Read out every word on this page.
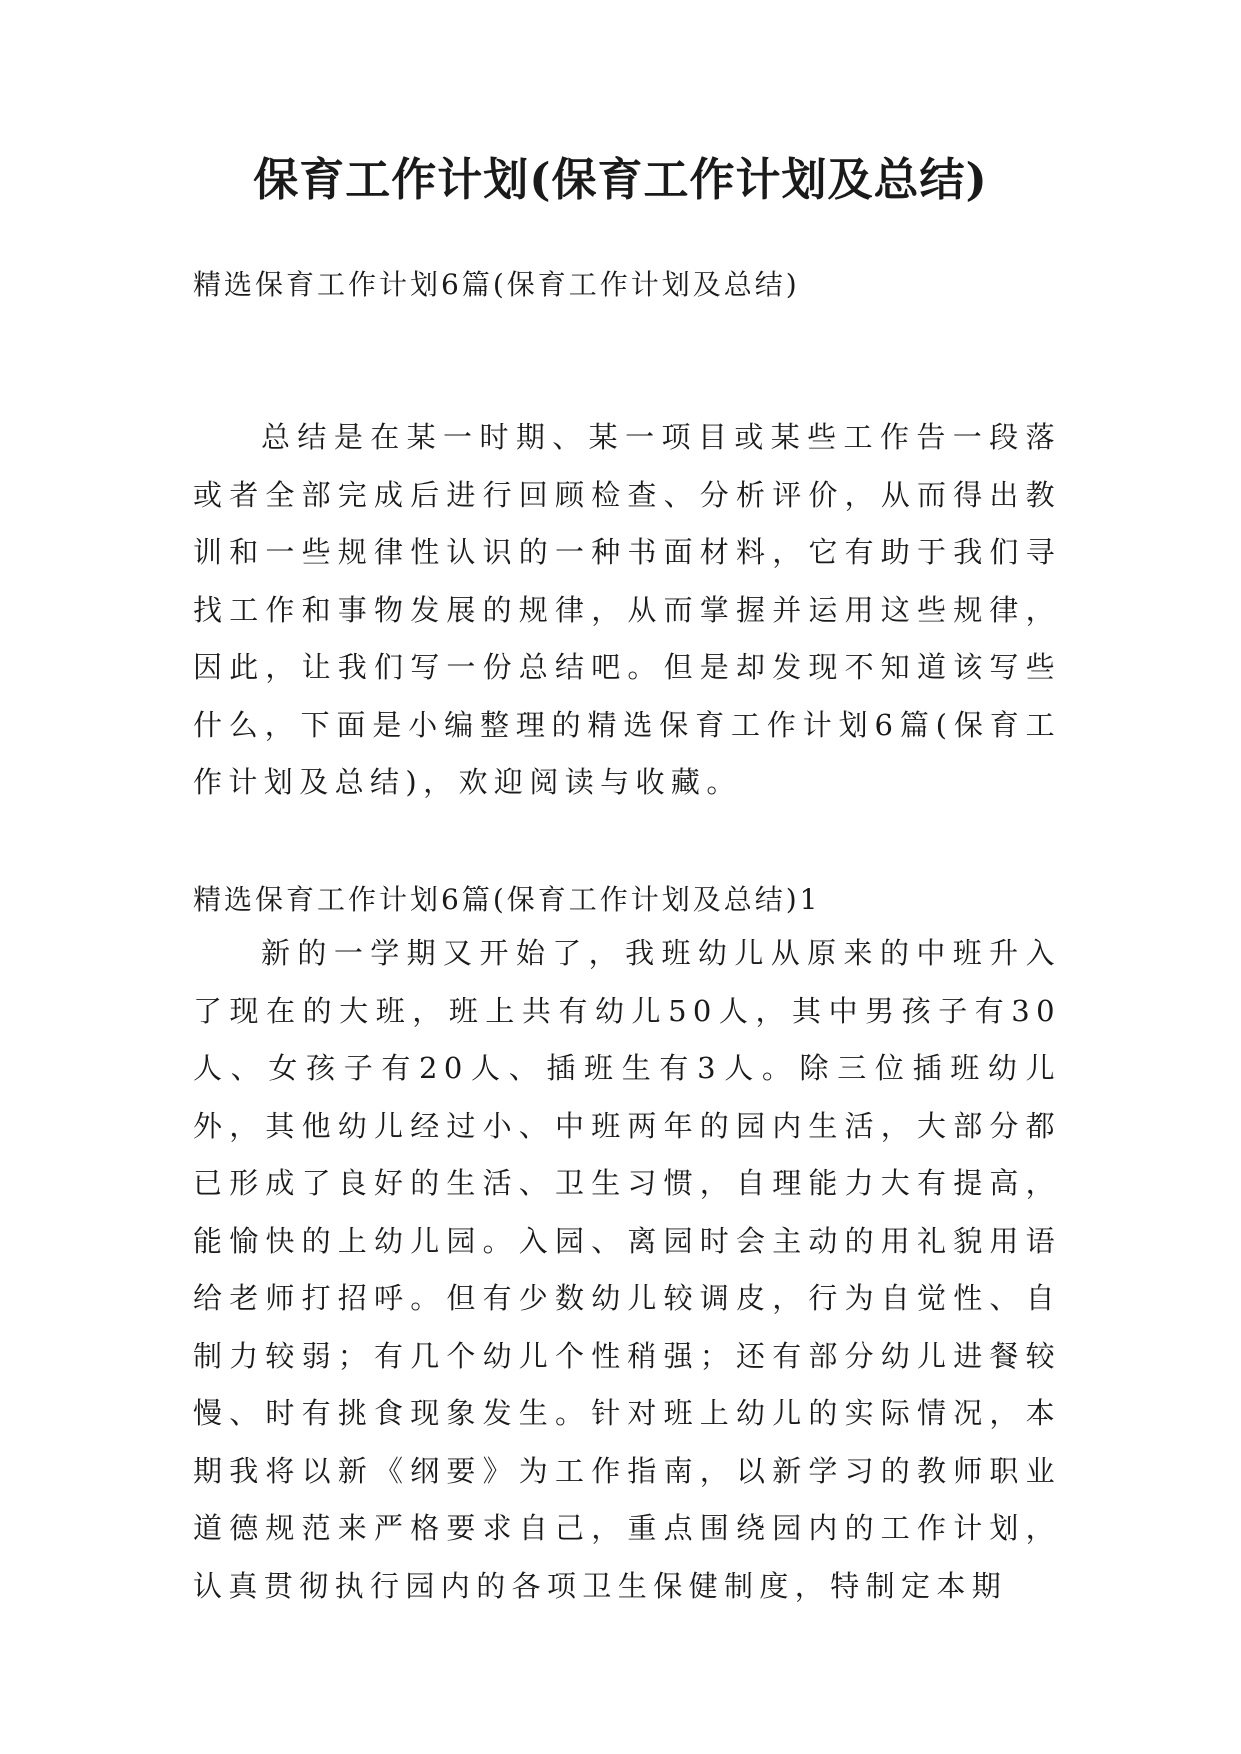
保育工作计划(保育工作计划及总结)
精选保育工作计划6篇(保育工作计划及总结)

总结是在某一时期、某一项目或某些工作告一段落或者全部完成后进行回顾检查、分析评价，从而得出教训和一些规律性认识的一种书面材料，它有助于我们寻找工作和事物发展的规律，从而掌握并运用这些规律，因此，让我们写一份总结吧。但是却发现不知道该写些什么，下面是小编整理的精选保育工作计划6篇(保育工作计划及总结)，欢迎阅读与收藏。

精选保育工作计划6篇(保育工作计划及总结)1

新的一学期又开始了，我班幼儿从原来的中班升入了现在的大班，班上共有幼儿50人，其中男孩子有30人、女孩子有20人、插班生有3人。除三位插班幼儿外，其他幼儿经过小、中班两年的园内生活，大部分都已形成了良好的生活、卫生习惯，自理能力大有提高，能愉快的上幼儿园。入园、离园时会主动的用礼貌用语给老师打招呼。但有少数幼儿较调皮，行为自觉性、自制力较弱；有几个幼儿个性稍强；还有部分幼儿进餐较慢、时有挑食现象发生。针对班上幼儿的实际情况，本期我将以新《纲要》为工作指南，以新学习的教师职业道德规范来严格要求自己，重点围绕园内的工作计划，认真贯彻执行园内的各项卫生保健制度，特制定本期
